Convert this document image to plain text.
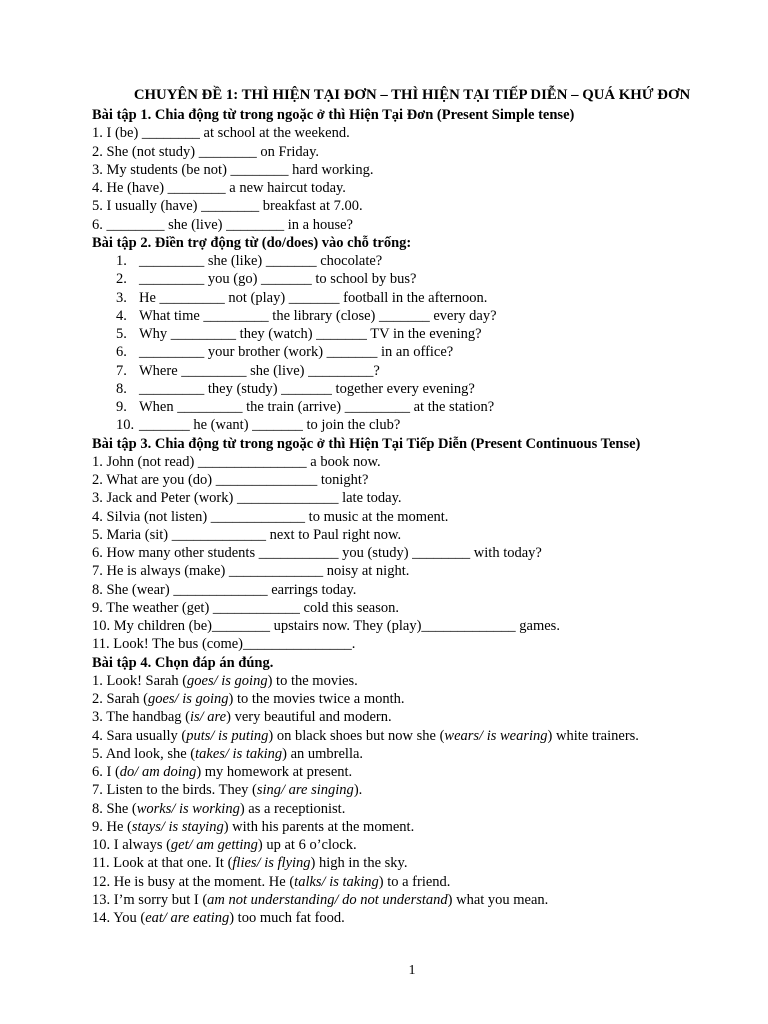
CHUYÊN ĐỀ 1: THÌ HIỆN TẠI ĐƠN – THÌ HIỆN TẠI TIẾP DIỄN – QUÁ KHỨ ĐƠN
Bài tập 1. Chia động từ trong ngoặc ở thì Hiện Tại Đơn (Present Simple tense)
1. I (be) ________ at school at the weekend.
2. She (not study) ________ on Friday.
3. My students (be not) ________ hard working.
4. He (have) ________ a new haircut today.
5. I usually (have) ________ breakfast at 7.00.
6. ________ she (live) ________ in a house?
Bài tập 2. Điền trợ động từ (do/does) vào chỗ trống:
1. _________ she (like) _______ chocolate?
2. _________ you (go) _______ to school by bus?
3. He _________ not (play) _______ football in the afternoon.
4. What time _________ the library (close) _______ every day?
5. Why _________ they (watch) _______ TV in the evening?
6. _________ your brother (work) _______ in an office?
7. Where _________ she (live) _________?
8. _________ they (study) _______ together every evening?
9. When _________ the train (arrive) _________ at the station?
10. _______ he (want) _______ to join the club?
Bài tập 3. Chia động từ trong ngoặc ở thì Hiện Tại Tiếp Diễn (Present Continuous Tense)
1. John (not read) _______________ a book now.
2. What are you (do) ______________ tonight?
3. Jack and Peter (work) ______________ late today.
4. Silvia (not listen) _____________ to music at the moment.
5. Maria (sit) _____________ next to Paul right now.
6. How many other students ___________ you (study) ________ with today?
7. He is always (make) _____________ noisy at night.
8. She (wear) _____________ earrings today.
9. The weather (get) ____________ cold this season.
10. My children (be)________ upstairs now. They (play)_____________ games.
11. Look! The bus (come)_______________.
Bài tập 4. Chọn đáp án đúng.
1. Look! Sarah (goes/ is going) to the movies.
2. Sarah (goes/ is going) to the movies twice a month.
3. The handbag (is/ are) very beautiful and modern.
4. Sara usually (puts/ is puting) on black shoes but now she (wears/ is wearing) white trainers.
5. And look, she (takes/ is taking) an umbrella.
6. I (do/ am doing) my homework at present.
7. Listen to the birds. They (sing/ are singing).
8. She (works/ is working) as a receptionist.
9. He (stays/ is staying) with his parents at the moment.
10. I always (get/ am getting) up at 6 o’clock.
11. Look at that one. It (flies/ is flying) high in the sky.
12. He is busy at the moment. He (talks/ is taking) to a friend.
13. I’m sorry but I (am not understanding/ do not understand) what you mean.
14. You (eat/ are eating) too much fat food.
1
